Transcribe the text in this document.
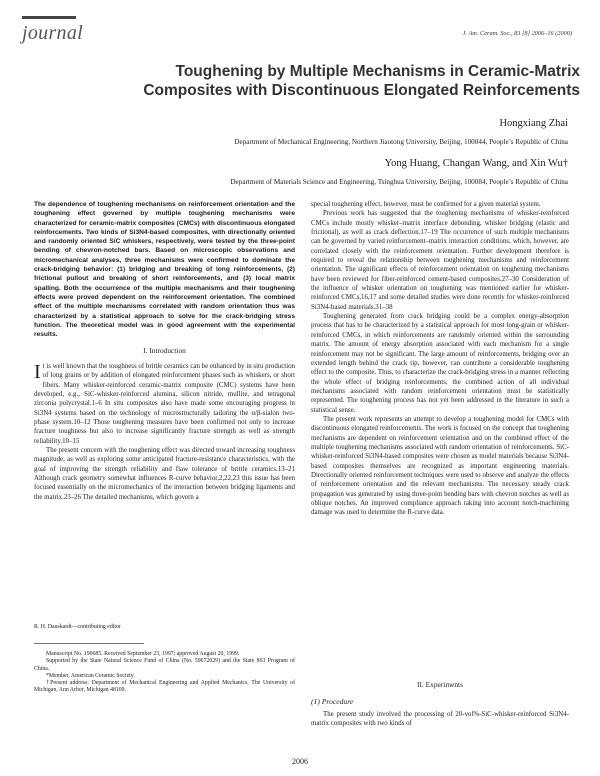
journal	J. Am. Ceram. Soc., 83 [8] 2006–16 (2000)
Toughening by Multiple Mechanisms in Ceramic-Matrix
Composites with Discontinuous Elongated Reinforcements
Hongxiang Zhai
Department of Mechanical Engineering, Northern Jiaotong University, Beijing, 100044, People’s Republic of China
Yong Huang, Changan Wang, and Xin Wu†
Department of Materials Science and Engineering, Tsinghua University, Beijing, 100084, People’s Republic of China
The dependence of toughening mechanisms on reinforcement orientation and the toughening effect governed by multiple toughening mechanisms were characterized for ceramic-matrix composites (CMCs) with discontinuous elongated reinforcements. Two kinds of Si3N4-based composites, with directionally oriented and randomly oriented SiC whiskers, respectively, were tested by the three-point bending of chevron-notched bars. Based on microscopic observations and micromechanical analyses, three mechanisms were confirmed to dominate the crack-bridging behavior: (1) bridging and breaking of long reinforcements, (2) frictional pullout and breaking of short reinforcements, and (3) local matrix spalling. Both the occurrence of the multiple mechanisms and their toughening effects were proved dependent on the reinforcement orientation. The combined effect of the multiple mechanisms correlated with random orientation thus was characterized by a statistical approach to solve for the crack-bridging stress function. The theoretical model was in good agreement with the experimental results.
I. Introduction

It is well known that the toughness of brittle ceramics can be enhanced by in situ production of long grains or by addition of elongated reinforcement phases such as whiskers, or short fibers. Many whisker-reinforced ceramic-matrix composite (CMC) systems have been developed, e.g., SiC-whisker-reinforced alumina, silicon nitride, mullite, and tetragonal zirconia polycrystal.1–6 In situ composites also have made some encouraging progress in Si3N4 systems based on the technology of microstructurally tailoring the α/β-sialon two-phase system.10–12 Those toughening measures have been confirmed not only to increase fracture toughness but also to increase significantly fracture strength as well as strength reliability.10–15

The present concern with the toughening effect was directed toward increasing toughness magnitude, as well as exploring some anticipated fracture-resistance characteristics, with the goal of improving the strength reliability and flaw tolerance of brittle ceramics.13–21 Although crack geometry somewhat influences R-curve behavior,2,22,23 this issue has been focused essentially on the micromechanics of the interaction between bridging ligaments and the matrix.23–26 The detailed mechanisms, which govern a

R. H. Dauskardt—contributing editor

Manuscript No. 190685. Received September 23, 1997; approved August 20, 1999.

Supported by the State Natural Science Fund of China (No. 59672029) and the State 863 Program of China.

*Member, American Ceramic Society.

†Present address: Department of Mechanical Engineering and Applied Mechanics, The University of Michigan, Ann Arbor, Michigan 48109.

special toughening effect, however, must be confirmed for a given material system.

Previous work has suggested that the toughening mechanisms of whisker-reinforced CMCs include mostly whisker–matrix interface debonding, whisker bridging (elastic and frictional), as well as crack deflection.17–19 The occurrence of such multiple mechanisms can be governed by varied reinforcement–matrix interaction conditions, which, however, are correlated closely with the reinforcement orientation. Further development therefore is required to reveal the relationship between toughening mechanisms and reinforcement orientation. The significant effects of reinforcement orientation on toughening mechanisms have been reviewed for fiber-reinforced cement-based composites.27–30 Consideration of the influence of whisker orientation on toughening was mentioned earlier for whisker-reinforced CMCs,16,17 and some detailed studies were done recently for whisker-reinforced Si3N4-based materials.31–38

Toughening generated from crack bridging could be a complex energy-absorption process that has to be characterized by a statistical approach for most long-grain or whisker-reinforced CMCs, in which reinforcements are randomly oriented within the surrounding matrix. The amount of energy absorption associated with each mechanism for a single reinforcement may not be significant. The large amount of reinforcements, bridging over an extended length behind the crack tip, however, can contribute a considerable toughening effect to the composite. Thus, to characterize the crack-bridging stress in a manner reflecting the whole effect of bridging reinforcements, the combined action of all individual mechanisms associated with random reinforcement orientation must be statistically represented. The toughening process has not yet been addressed in the literature in such a statistical sense.

The present work represents an attempt to develop a toughening model for CMCs with discontinuous elongated reinforcements. The work is focused on the concept that toughening mechanisms are dependent on reinforcement orientation and on the combined effect of the multiple toughening mechanisms associated with random orientation of reinforcements. SiC-whisker-reinforced Si3N4-based composites were chosen as model materials because Si3N4-based composites themselves are recognized as important engineering materials. Directionally oriented reinforcement techniques were used to observe and analyze the effects of reinforcement orientation and the relevant mechanisms. The necessary steady crack propagation was generated by using three-point bending bars with chevron notches as well as oblique notches. An improved compliance approach taking into account notch-machining damage was used to determine the R-curve data.

II. Experiments
(1) Procedure

The present study involved the processing of 20-vol%-SiC-whisker-reinforced Si3N4-matrix composites with two kinds of

2006
